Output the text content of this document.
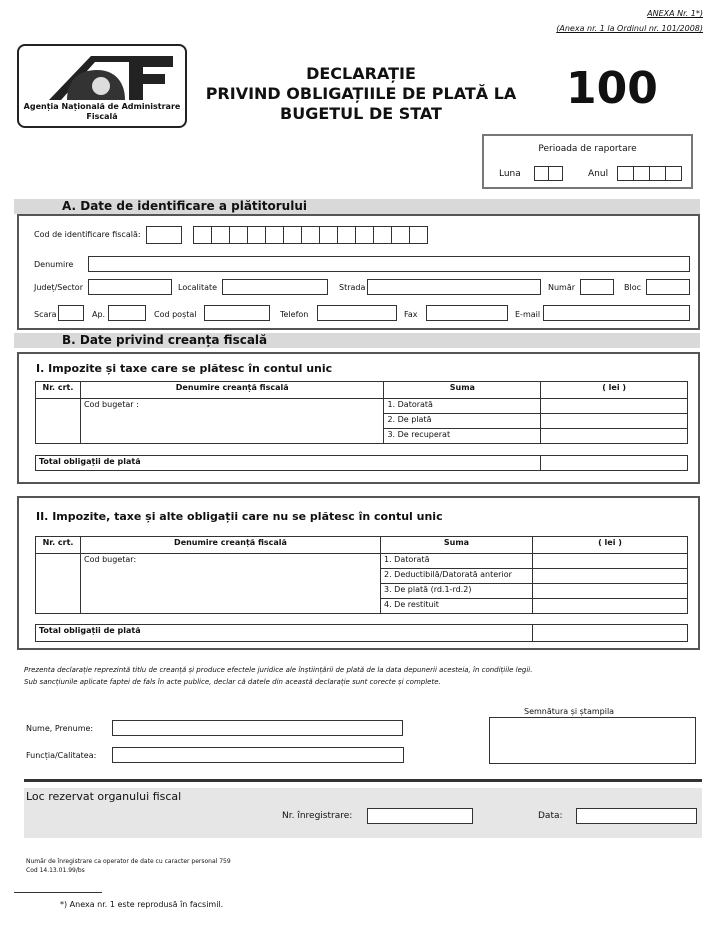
ANEXA Nr. 1*)
(Anexa nr. 1 la Ordinul nr. 101/2008)
Agenția Națională de Administrare
Fiscală
DECLARAȚIE
PRIVIND OBLIGAȚIILE DE PLATĂ LA
BUGETUL DE STAT	100
Perioada de raportare
Luna	Anul
A. Date de identificare a plătitorului
Cod de identificare fiscală:
Denumire
Județ/Sector	Localitate	Strada	Număr	Bloc
Scara	Ap.	Cod poștal	Telefon	Fax	E-mail
B. Date privind creanța fiscală
I. Impozite și taxe care se plătesc în contul unic
Nr. crt.	Denumire creanță fiscală	Suma	( lei )
	Cod bugetar :	1. Datorată	
		2. De plată	
		3. De recuperat	
Total obligații de plată	
II. Impozite, taxe și alte obligații care nu se plătesc în contul unic
Nr. crt.	Denumire creanță fiscală	Suma	( lei )
	Cod bugetar:	1. Datorată	
		2. Deductibilă/Datorată anterior	
		3. De plată (rd.1-rd.2)	
		4. De restituit	
Total obligații de plată	
Prezenta declarație reprezintă titlu de creanță și produce efectele juridice ale înștiințării de plată de la data depunerii acesteia, în condițiile legii.
Sub sancțiunile aplicate faptei de fals în acte publice, declar că datele din această declarație sunt corecte și complete.
Semnătura și ștampila
Nume, Prenume:
Funcția/Calitatea:
Loc rezervat organului fiscal
Nr. înregistrare:	Data:
Număr de înregistrare ca operator de date cu caracter personal 759
Cod 14.13.01.99/bs
*) Anexa nr. 1 este reprodusă în facsimil.
